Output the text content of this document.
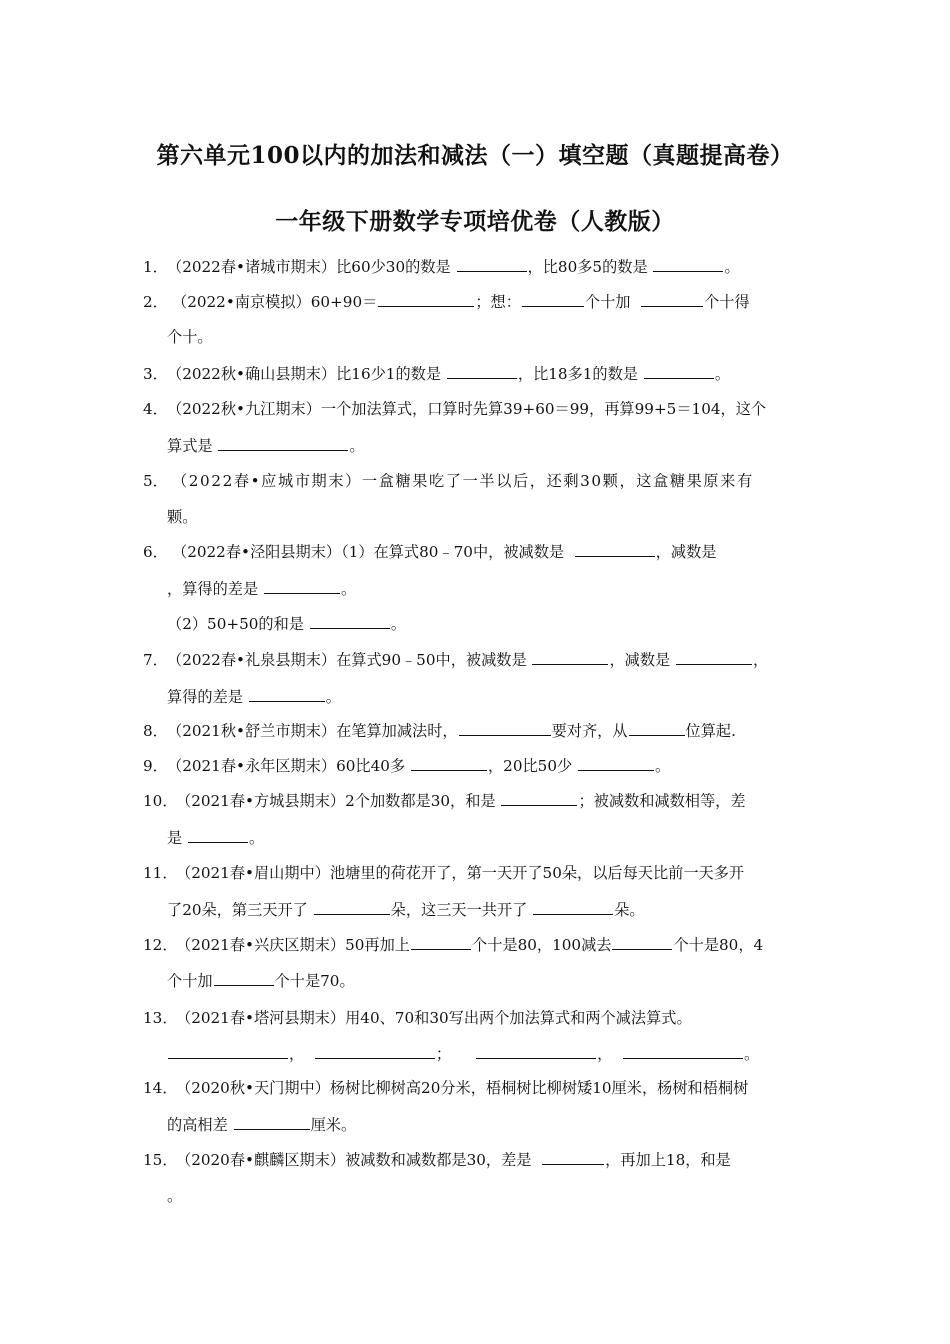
第六单元100以内的加法和减法（一）填空题（真题提高卷）
一年级下册数学专项培优卷（人教版）
1． （2022春•诸城市期末）比60少30的数是	，比80多5的数是	。
2． （2022•南京模拟）60+90＝	；想：	个十加	个十得
个十。
3． （2022秋•确山县期末）比16少1的数是	，比18多1的数是	。
4． （2022秋•九江期末）一个加法算式，口算时先算39+60＝99，再算99+5＝104，这个
算式是	。
5． （2022春•应城市期末）一盒糖果吃了一半以后，还剩30颗，这盒糖果原来有
颗。
6． （2022春•泾阳县期末）（1）在算式80﹣70中，被减数是	，减数是
，算得的差是	。
（2）50+50的和是	。
7． （2022春•礼泉县期末）在算式90﹣50中，被减数是	，减数是	，
算得的差是	。
8． （2021秋•舒兰市期末）在笔算加减法时，	要对齐，从	位算起.
9． （2021春•永年区期末）60比40多	，20比50少	。
10．
（2021春•方城县期末）2个加数都是30，和是	；被减数和减数相等，差
是	。
11．
（2021春•眉山期中）池塘里的荷花开了，第一天开了50朵，以后每天比前一天多开
了20朵，第三天开了	朵，这三天一共开了	朵。
12．
（2021春•兴庆区期末）50再加上	个十是80，100减去	个十是80，4
个十加	个十是70。
13．
（2021春•塔河县期末）用40、70和30写出两个加法算式和两个减法算式。
，	；	，	。
14．
（2020秋•天门期中）杨树比柳树高20分米，梧桐树比柳树矮10厘米，杨树和梧桐树
的高相差	厘米。
15．
（2020春•麒麟区期末）被减数和减数都是30，差是	，再加上18，和是
。
